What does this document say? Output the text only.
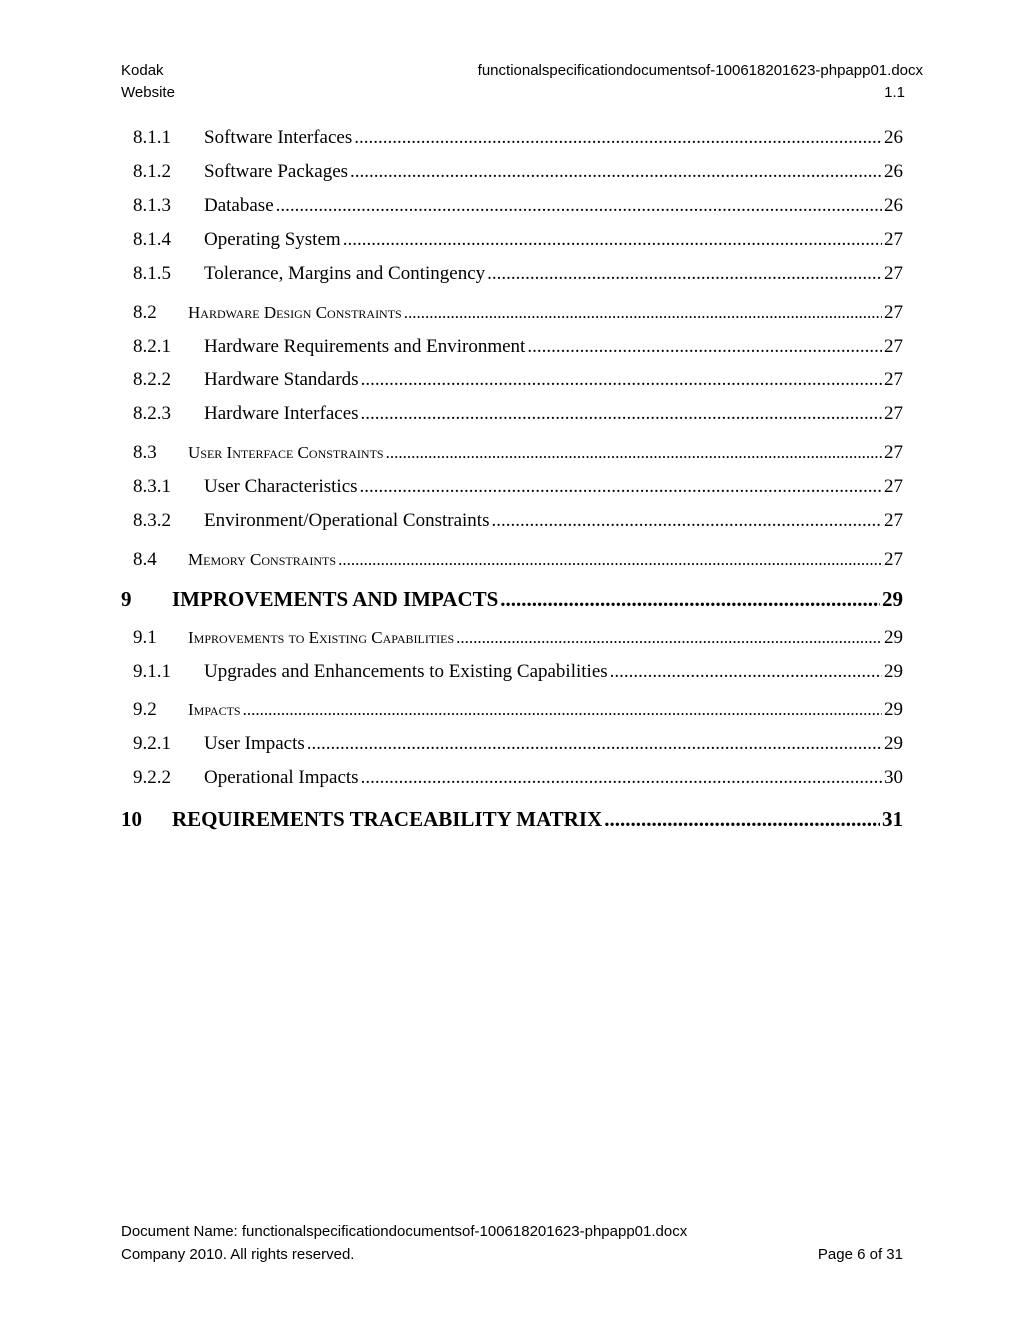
Kodak
Website
functionalspecificationdocumentsof-100618201623-phpapp01.docx
1.1
8.1.1	Software Interfaces .....	26
8.1.2	Software Packages .....	26
8.1.3	Database .....	26
8.1.4	Operating System .....	27
8.1.5	Tolerance, Margins and Contingency .....	27
8.2	Hardware Design Constraints .....	27
8.2.1	Hardware Requirements and Environment .....	27
8.2.2	Hardware Standards .....	27
8.2.3	Hardware Interfaces .....	27
8.3	User Interface Constraints .....	27
8.3.1	User Characteristics .....	27
8.3.2	Environment/Operational Constraints .....	27
8.4	Memory Constraints .....	27
9	IMPROVEMENTS AND IMPACTS .....	29
9.1	Improvements to Existing Capabilities .....	29
9.1.1	Upgrades and Enhancements to Existing Capabilities .....	29
9.2	Impacts .....	29
9.2.1	User Impacts .....	29
9.2.2	Operational Impacts .....	30
10	REQUIREMENTS TRACEABILITY MATRIX .....	31
Document Name: functionalspecificationdocumentsof-100618201623-phpapp01.docx
Company 2010. All rights reserved.	Page 6 of 31
